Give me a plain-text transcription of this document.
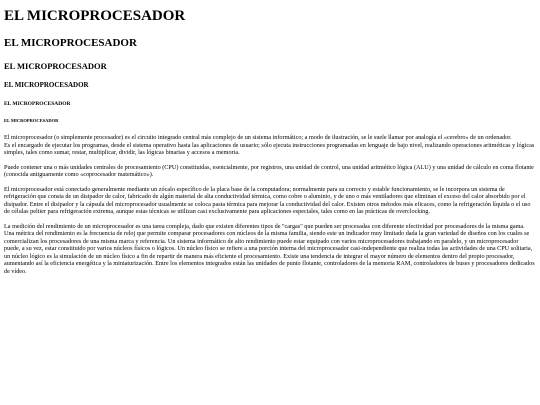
EL MICROPROCESADOR
EL MICROPROCESADOR
EL MICROPROCESADOR
EL MICROPROCESADOR
EL MICROPROCESADOR
EL MICROPROCESADOR
El microprocesador (o simplemente procesador) es el circuito integrado central más complejo de un sistema informático; a modo de ilustración, se le suele llamar por analogía el «cerebro» de un ordenador.

Es el encargado de ejecutar los programas, desde el sistema operativo hasta las aplicaciones de usuario; sólo ejecuta instrucciones programadas en lenguaje de bajo nivel, realizando operaciones aritméticas y lógicas simples, tales como sumar, restar, multiplicar, dividir, las lógicas binarias y accesos a memoria.

Puede contener una o más unidades centrales de procesamiento (CPU) constituidas, esencialmente, por registros, una unidad de control, una unidad aritmético lógica (ALU) y una unidad de cálculo en coma flotante (conocida antiguamente como «coprocesador matemático»).

El microprocesador está conectado generalmente mediante un zócalo específico de la placa base de la computadora; normalmente para su correcto y estable funcionamiento, se le incorpora un sistema de refrigeración que consta de un disipador de calor, fabricado de algún material de alta conductividad térmica, como cobre o aluminio, y de uno o más ventiladores que eliminan el exceso del calor absorbido por el disipador. Entre el disipador y la cápsula del microprocesador usualmente se coloca pasta térmica para mejorar la conductividad del calor. Existen otros métodos más eficaces, como la refrigeración líquida o el uso de células peltier para refrigeración extrema, aunque estas técnicas se utilizan casi exclusivamente para aplicaciones especiales, tales como en las prácticas de overclocking.

La medición del rendimiento de un microprocesador es una tarea compleja, dado que existen diferentes tipos de "cargas" que pueden ser procesadas con diferente efectividad por procesadores de la misma gama. Una métrica del rendimiento es la frecuencia de reloj que permite comparar procesadores con núcleos de la misma familia, siendo este un indicador muy limitado dada la gran variedad de diseños con los cuales se comercializan los procesadores de una misma marca y referencia. Un sistema informático de alto rendimiento puede estar equipado con varios microprocesadores trabajando en paralelo, y un microprocesador puede, a su vez, estar constituido por varios núcleos físicos o lógicos. Un núcleo físico se refiere a una porción interna del microprocesador casi-independiente que realiza todas las actividades de una CPU solitaria, un núcleo lógico es la simulación de un núcleo físico a fin de repartir de manera más eficiente el procesamiento. Existe una tendencia de integrar el mayor número de elementos dentro del propio procesador, aumentando así la eficiencia energética y la miniaturización. Entre los elementos integrados están las unidades de punto flotante, controladores de la memoria RAM, controladores de buses y procesadores dedicados de vídeo.
